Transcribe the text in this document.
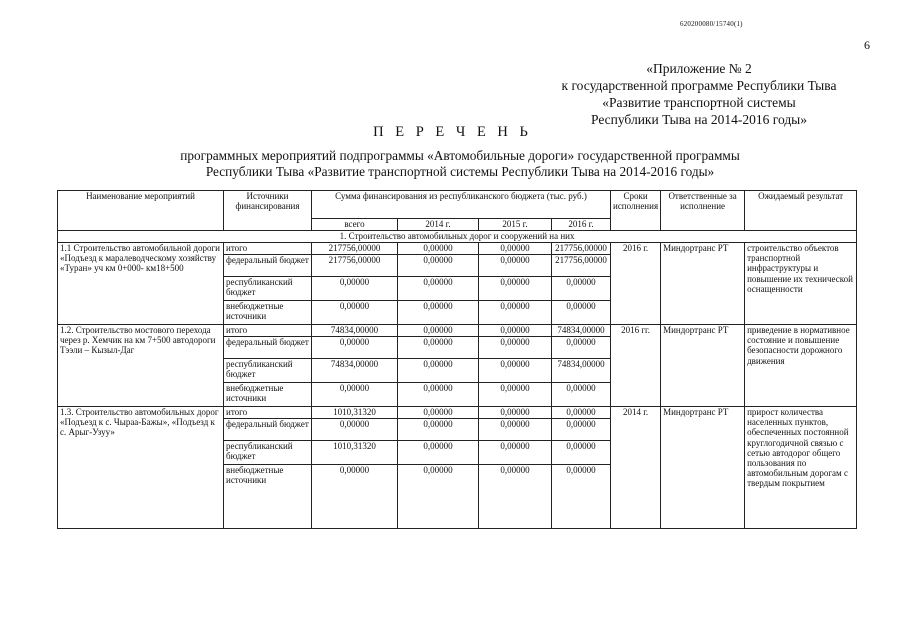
620200080/15740(1)
6
«Приложение № 2
к государственной программе Республики Тыва
«Развитие транспортной системы
Республики Тыва на 2014-2016 годы»
П Е Р Е Ч Е Н Ь
программных мероприятий подпрограммы «Автомобильные дороги» государственной программы
Республики Тыва «Развитие транспортной системы Республики Тыва на 2014-2016 годы»
Наименование мероприятий	Источники финансирования	Сумма финансирования из республиканского бюджета (тыс. руб.)				Сроки исполнения	Ответственные за исполнение	Ожидаемый результат
		всего	2014 г.	2015 г.	2016 г.			
1. Строительство автомобильных дорог и сооружений на них								
1.1 Строительство автомобильной дороги «Подъезд к маралеводческому хозяйству «Туран» уч км 0+000- км18+500	итого	217756,00000	0,00000	0,00000	217756,00000	2016 г.	Миндортранс РТ	строительство объектов транспортной инфраструктуры и повышение их технической оснащенности
	федеральный бюджет	217756,00000	0,00000	0,00000	217756,00000			
	республиканский бюджет	0,00000	0,00000	0,00000	0,00000			
	внебюджетные источники	0,00000	0,00000	0,00000	0,00000			
1.2. Строительство мостового перехода через р. Хемчик на км 7+500 автодороги Тээли – Кызыл-Даг	итого	74834,00000	0,00000	0,00000	74834,00000	2016 гг.	Миндортранс РТ	приведение в нормативное состояние и повышение безопасности дорожного движения
	федеральный бюджет	0,00000	0,00000	0,00000	0,00000			
	республиканский бюджет	74834,00000	0,00000	0,00000	74834,00000			
	внебюджетные источники	0,00000	0,00000	0,00000	0,00000			
1.3. Строительство автомобильных дорог «Подъезд к с. Чыраа-Бажы», «Подъезд к с. Арыг-Узуу»	итого	1010,31320	0,00000	0,00000	0,00000	2014 г.	Миндортранс РТ	прирост количества населенных пунктов, обеспеченных постоянной круглогодичной связью с сетью автодорог общего пользования по автомобильным дорогам с твердым покрытием
	федеральный бюджет	0,00000	0,00000	0,00000	0,00000			
	республиканский бюджет	1010,31320	0,00000	0,00000	0,00000			
	внебюджетные источники	0,00000	0,00000	0,00000	0,00000			
